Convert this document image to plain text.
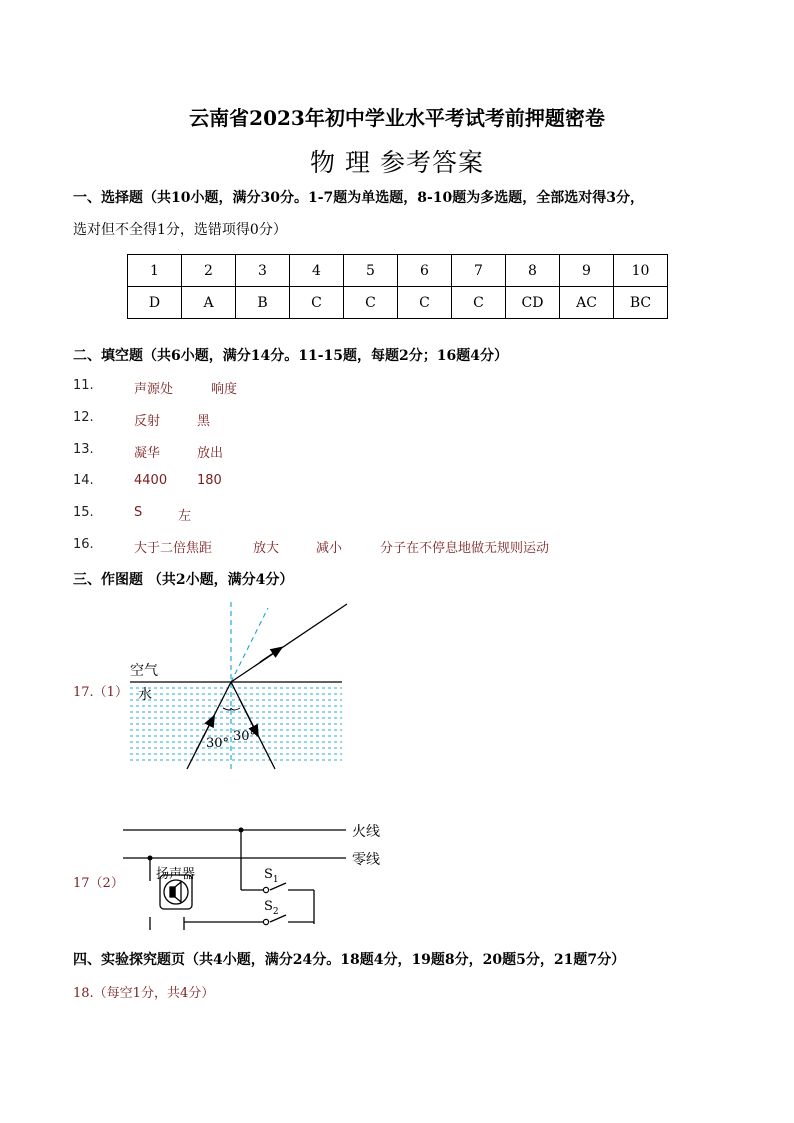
云南省2023年初中学业水平考试考前押题密卷
物 理 参考答案
一、选择题（共10小题，满分30分。1-7题为单选题，8-10题为多选题，全部选对得3分，
选对但不全得1分，选错项得0分）
1	2	3	4	5	6	7	8	9	10
D	A	B	C	C	C	C	CD	AC	BC
二、填空题（共6小题，满分14分。11-15题，每题2分；16题4分）
11.	声源处	响度
12.	反射	黑
13.	凝华	放出
14.	4400 180
15.	S	左
16.	大于二倍焦距	放大	减小	分子在不停息地做无规则运动
三、作图题 （共2小题，满分4分）
17.（1）
空气
水
30° 30°
17（2）
火线
零线
扬声器	$S_1$
$S_2$
四、实验探究题页（共4小题，满分24分。18题4分，19题8分，20题5分，21题7分）
18.（每空1分，共4分）
